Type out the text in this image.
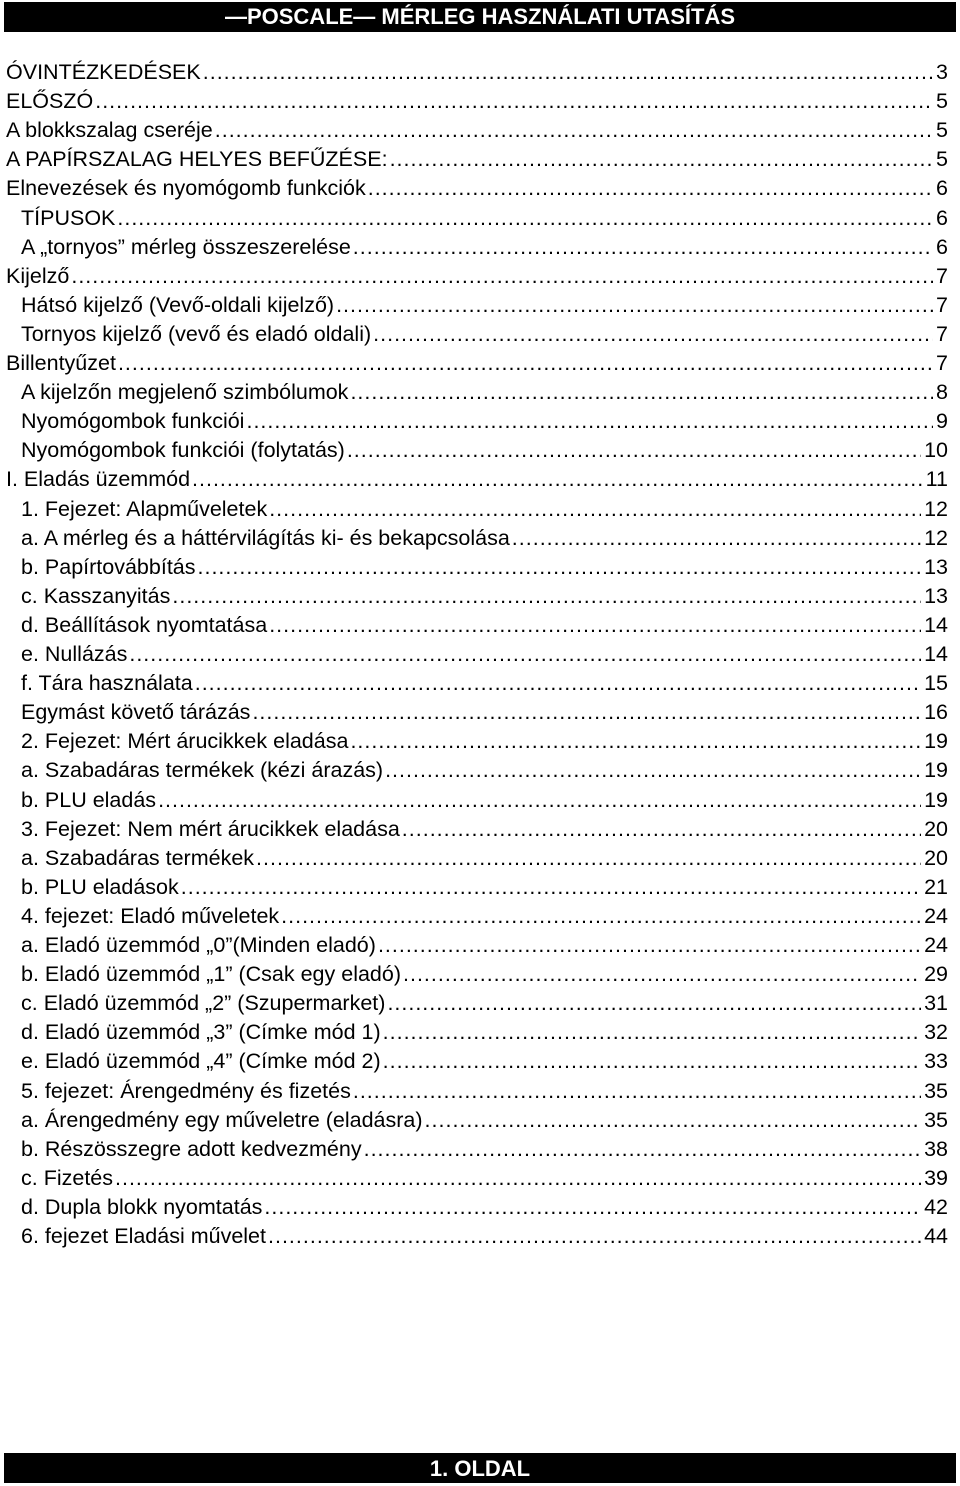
—POSCALE— MÉRLEG HASZNÁLATI UTASÍTÁS
ÓVINTÉZKEDÉSEK .....	3
ELŐSZÓ .....	5
A blokkszalag cseréje .....	5
A PAPÍRSZALAG HELYES BEFŰZÉSE: .....	5
Elnevezések és nyomógomb funkciók .....	6
TÍPUSOK .....	6
A „tornyos” mérleg összeszerelése .....	6
Kijelző .....	7
Hátsó kijelző (Vevő-oldali kijelző) .....	7
Tornyos kijelző (vevő és eladó oldali) .....	7
Billentyűzet .....	7
A kijelzőn megjelenő szimbólumok .....	8
Nyomógombok funkciói .....	9
Nyomógombok funkciói (folytatás) .....	10
I. Eladás üzemmód .....	11
1. Fejezet: Alapműveletek .....	12
a. A mérleg és a háttérvilágítás ki- és bekapcsolása .....	12
b. Papírtovábbítás .....	13
c. Kasszanyitás .....	13
d. Beállítások nyomtatása .....	14
e. Nullázás .....	14
f. Tára használata .....	15
Egymást követő tárázás .....	16
2. Fejezet: Mért árucikkek eladása .....	19
a. Szabadáras termékek (kézi árazás) .....	19
b. PLU eladás .....	19
3. Fejezet: Nem mért árucikkek eladása .....	20
a. Szabadáras termékek .....	20
b. PLU eladások .....	21
4. fejezet: Eladó műveletek .....	24
a. Eladó üzemmód „0”(Minden eladó) .....	24
b. Eladó üzemmód „1” (Csak egy eladó) .....	29
c. Eladó üzemmód „2” (Szupermarket) .....	31
d. Eladó üzemmód „3” (Címke mód 1) .....	32
e. Eladó üzemmód „4” (Címke mód 2) .....	33
5. fejezet: Árengedmény és fizetés .....	35
a. Árengedmény egy műveletre (eladásra) .....	35
b. Részösszegre adott kedvezmény .....	38
c. Fizetés .....	39
d. Dupla blokk nyomtatás .....	42
6. fejezet Eladási művelet .....	44
1. OLDAL
